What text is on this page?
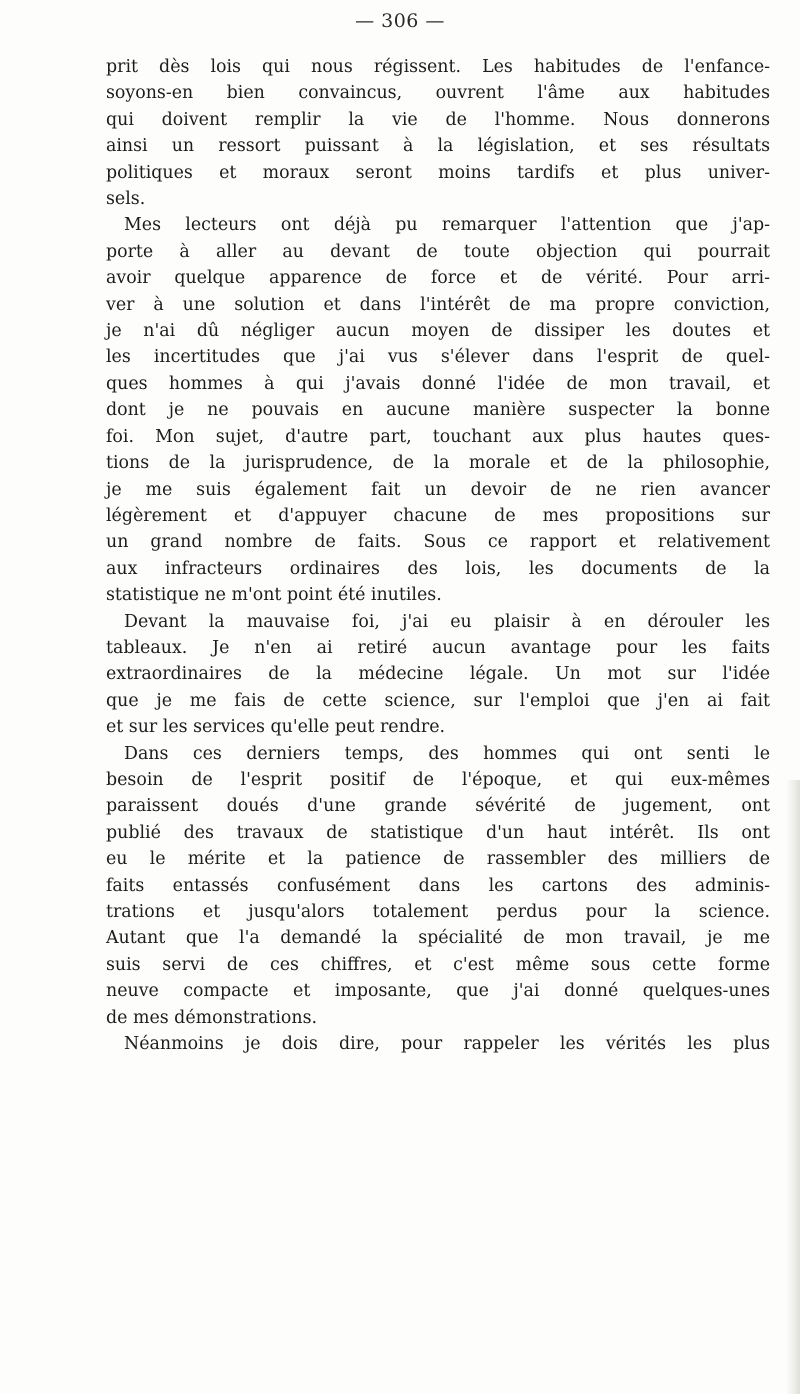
— 306 —
prit dès lois qui nous régissent. Les habitudes de l'enfance-
soyons-en bien convaincus, ouvrent l'âme aux habitudes
qui doivent remplir la vie de l'homme. Nous donnerons
ainsi un ressort puissant à la législation, et ses résultats
politiques et moraux seront moins tardifs et plus univer-
sels.
Mes lecteurs ont déjà pu remarquer l'attention que j'ap-
porte à aller au devant de toute objection qui pourrait
avoir quelque apparence de force et de vérité. Pour arri-
ver à une solution et dans l'intérêt de ma propre conviction,
je n'ai dû négliger aucun moyen de dissiper les doutes et
les incertitudes que j'ai vus s'élever dans l'esprit de quel-
ques hommes à qui j'avais donné l'idée de mon travail, et
dont je ne pouvais en aucune manière suspecter la bonne
foi. Mon sujet, d'autre part, touchant aux plus hautes ques-
tions de la jurisprudence, de la morale et de la philosophie,
je me suis également fait un devoir de ne rien avancer
légèrement et d'appuyer chacune de mes propositions sur
un grand nombre de faits. Sous ce rapport et relativement
aux infracteurs ordinaires des lois, les documents de la
statistique ne m'ont point été inutiles.
Devant la mauvaise foi, j'ai eu plaisir à en dérouler les
tableaux. Je n'en ai retiré aucun avantage pour les faits
extraordinaires de la médecine légale. Un mot sur l'idée
que je me fais de cette science, sur l'emploi que j'en ai fait
et sur les services qu'elle peut rendre.
Dans ces derniers temps, des hommes qui ont senti le
besoin de l'esprit positif de l'époque, et qui eux-mêmes
paraissent doués d'une grande sévérité de jugement, ont
publié des travaux de statistique d'un haut intérêt. Ils ont
eu le mérite et la patience de rassembler des milliers de
faits entassés confusément dans les cartons des adminis-
trations et jusqu'alors totalement perdus pour la science.
Autant que l'a demandé la spécialité de mon travail, je me
suis servi de ces chiffres, et c'est même sous cette forme
neuve compacte et imposante, que j'ai donné quelques-unes
de mes démonstrations.
Néanmoins je dois dire, pour rappeler les vérités les plus
